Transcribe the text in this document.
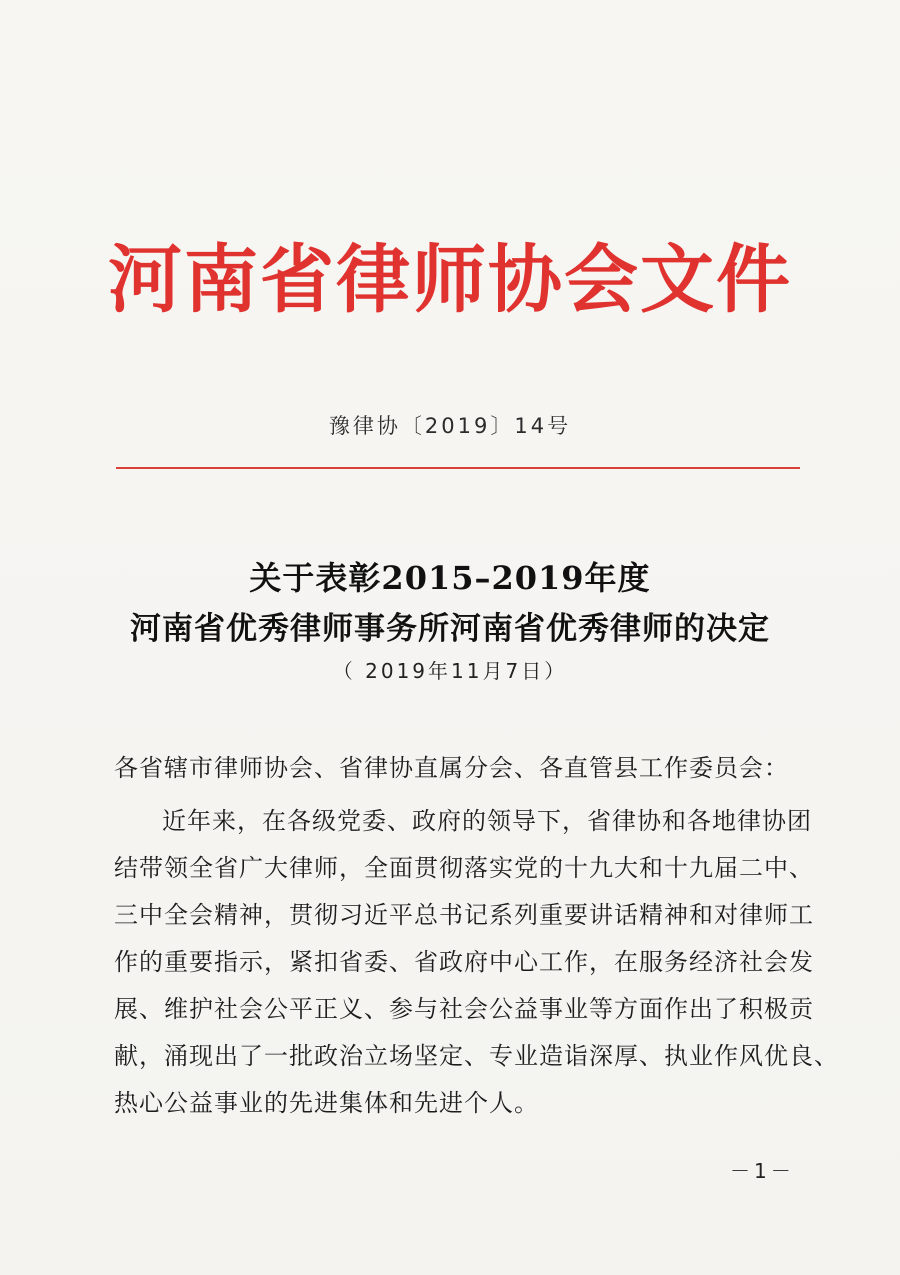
河南省律师协会文件
豫律协〔2019〕14号
关于表彰2015–2019年度
河南省优秀律师事务所河南省优秀律师的决定
（ 2019年11月7日）
各省辖市律师协会、省律协直属分会、各直管县工作委员会：
近年来，在各级党委、政府的领导下，省律协和各地律协团
结带领全省广大律师，全面贯彻落实党的十九大和十九届二中、
三中全会精神，贯彻习近平总书记系列重要讲话精神和对律师工
作的重要指示，紧扣省委、省政府中心工作，在服务经济社会发
展、维护社会公平正义、参与社会公益事业等方面作出了积极贡
献，涌现出了一批政治立场坚定、专业造诣深厚、执业作风优良、
热心公益事业的先进集体和先进个人。
－1－
